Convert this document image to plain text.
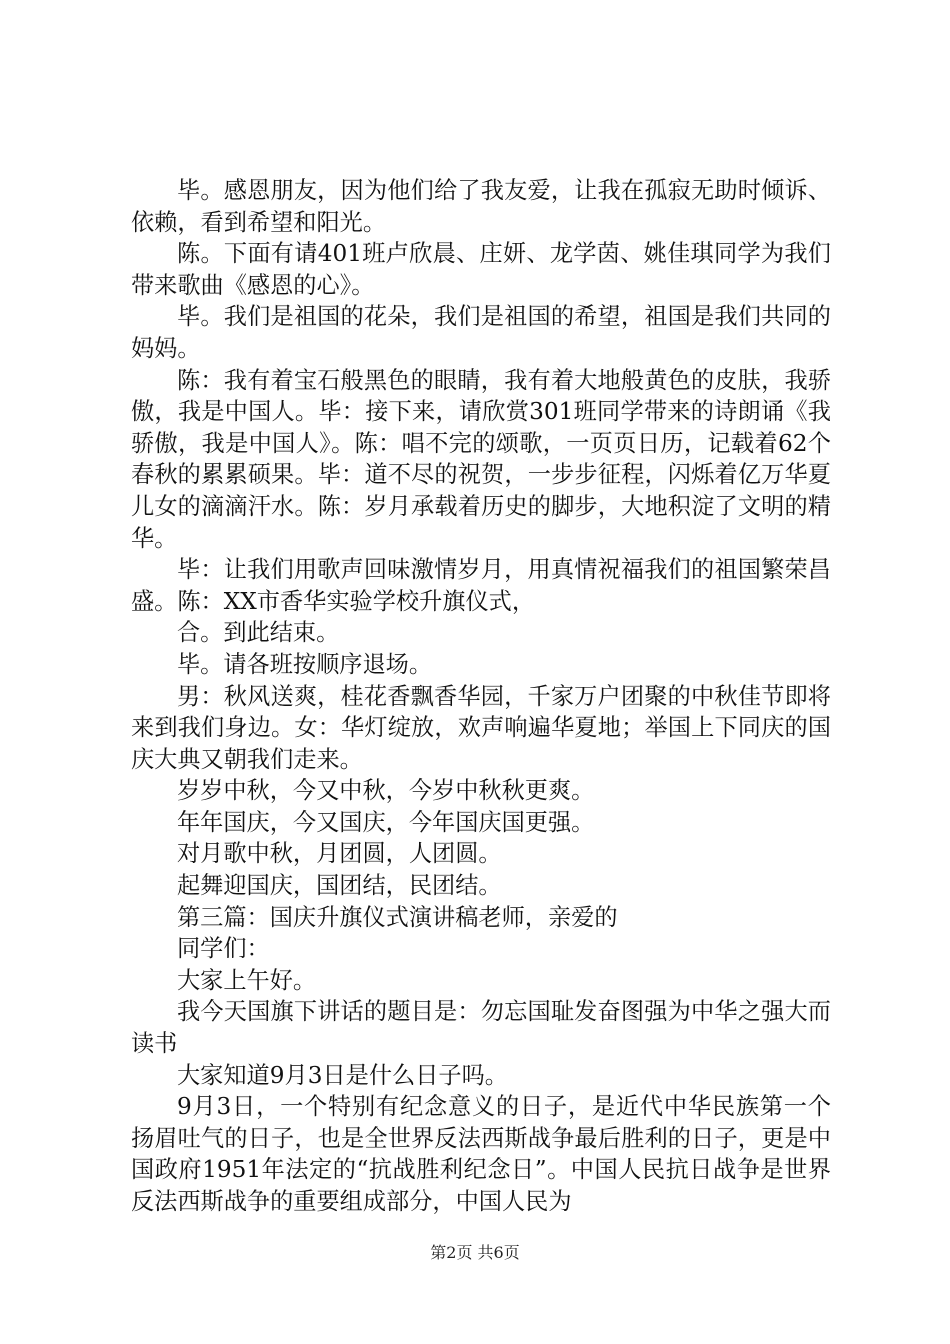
毕。感恩朋友，因为他们给了我友爱，让我在孤寂无助时倾诉、依赖，看到希望和阳光。

陈。下面有请401班卢欣晨、庄妍、龙学茵、姚佳琪同学为我们带来歌曲《感恩的心》。

毕。我们是祖国的花朵，我们是祖国的希望，祖国是我们共同的妈妈。

陈：我有着宝石般黑色的眼睛，我有着大地般黄色的皮肤，我骄傲，我是中国人。毕：接下来，请欣赏301班同学带来的诗朗诵《我骄傲，我是中国人》。陈：唱不完的颂歌，一页页日历，记载着62个春秋的累累硕果。毕：道不尽的祝贺，一步步征程，闪烁着亿万华夏儿女的滴滴汗水。陈：岁月承载着历史的脚步，大地积淀了文明的精华。

毕：让我们用歌声回味激情岁月，用真情祝福我们的祖国繁荣昌盛。陈：XX市香华实验学校升旗仪式，

合。到此结束。

毕。请各班按顺序退场。

男：秋风送爽，桂花香飘香华园，千家万户团聚的中秋佳节即将来到我们身边。女：华灯绽放，欢声响遍华夏地；举国上下同庆的国庆大典又朝我们走来。

岁岁中秋，今又中秋，今岁中秋秋更爽。

年年国庆，今又国庆，今年国庆国更强。

对月歌中秋，月团圆，人团圆。

起舞迎国庆，国团结，民团结。

第三篇：国庆升旗仪式演讲稿老师，亲爱的

同学们：

大家上午好。

我今天国旗下讲话的题目是：勿忘国耻发奋图强为中华之强大而读书

大家知道9月3日是什么日子吗。

9月3日，一个特别有纪念意义的日子，是近代中华民族第一个扬眉吐气的日子，也是全世界反法西斯战争最后胜利的日子，更是中国政府1951年法定的“抗战胜利纪念日”。中国人民抗日战争是世界反法西斯战争的重要组成部分，中国人民为

第2页 共6页
